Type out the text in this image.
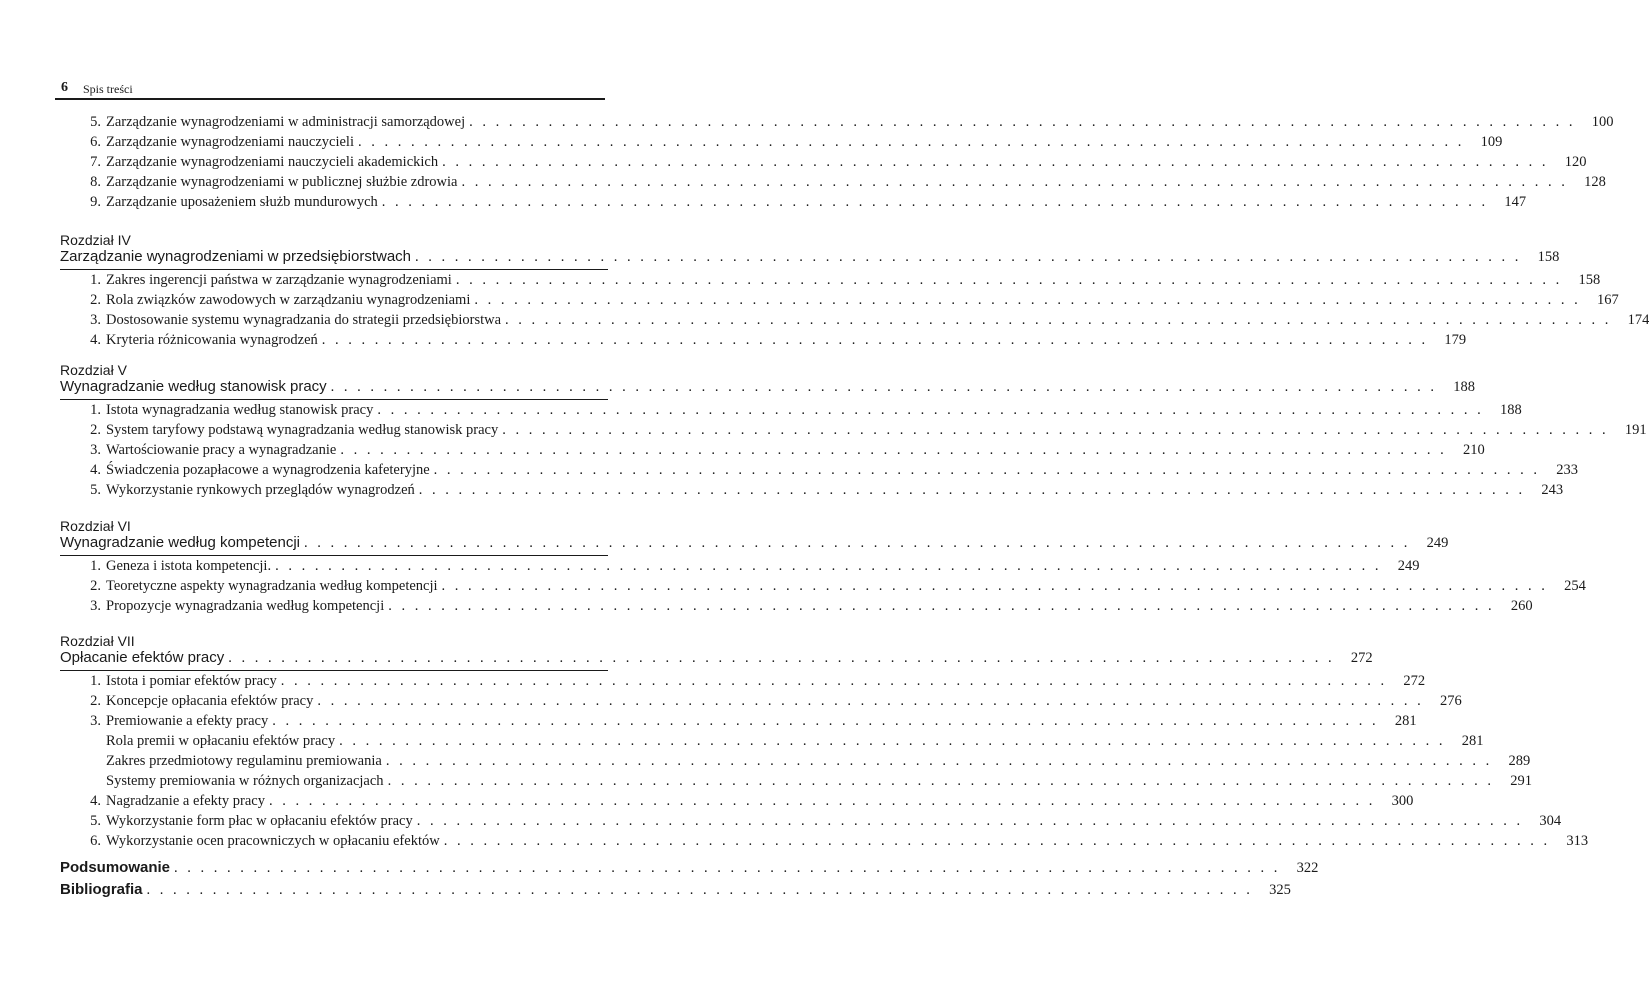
6 Spis treści
5. Zarządzanie wynagrodzeniami w administracji samorządowej . . . . . . . . . . . . . . . . . . . . . . . . . . . . . . . . . . . . . . . . . . . . . . . . . . . . . . . . . . . . . . . . . . . . . . . . . . . . . . . . . . . .	100
6. Zarządzanie wynagrodzeniami nauczycieli . . . . . . . . . . . . . . . . . . . . . . . . . . . . . . . . . . . . . . . . . . . . . . . . . . . . . . . . . . . . . . . . . . . . . . . . . . . . . . . . . . . .	109
7. Zarządzanie wynagrodzeniami nauczycieli akademickich . . . . . . . . . . . . . . . . . . . . . . . . . . . . . . . . . . . . . . . . . . . . . . . . . . . . . . . . . . . . . . . . . . . . . . . . . . . . . . . . . . . .	120
8. Zarządzanie wynagrodzeniami w publicznej służbie zdrowia . . . . . . . . . . . . . . . . . . . . . . . . . . . . . . . . . . . . . . . . . . . . . . . . . . . . . . . . . . . . . . . . . . . . . . . . . . . . . . . . . . . .	128
9. Zarządzanie uposażeniem służb mundurowych . . . . . . . . . . . . . . . . . . . . . . . . . . . . . . . . . . . . . . . . . . . . . . . . . . . . . . . . . . . . . . . . . . . . . . . . . . . . . . . . . . . .	147
Rozdział IV
Zarządzanie wynagrodzeniami w przedsiębiorstwach . . . . . . . . . . . . . . . . . . . . . . . . . . . . . . . . . . . . . . . . . . . . . . . . . . . . . . . . . . . . . . . . . . . . . . . . . . . . . . . . . . . .	158
1. Zakres ingerencji państwa w zarządzanie wynagrodzeniami . . . . . . . . . . . . . . . . . . . . . . . . . . . . . . . . . . . . . . . . . . . . . . . . . . . . . . . . . . . . . . . . . . . . . . . . . . . . . . . . . . . .	158
2. Rola związków zawodowych w zarządzaniu wynagrodzeniami . . . . . . . . . . . . . . . . . . . . . . . . . . . . . . . . . . . . . . . . . . . . . . . . . . . . . . . . . . . . . . . . . . . . . . . . . . . . . . . . . . . .	167
3. Dostosowanie systemu wynagradzania do strategii przedsiębiorstwa . . . . . . . . . . . . . . . . . . . . . . . . . . . . . . . . . . . . . . . . . . . . . . . . . . . . . . . . . . . . . . . . . . . . . . . . . . . . . . . . . . . .	174
4. Kryteria różnicowania wynagrodzeń . . . . . . . . . . . . . . . . . . . . . . . . . . . . . . . . . . . . . . . . . . . . . . . . . . . . . . . . . . . . . . . . . . . . . . . . . . . . . . . . . . . .	179
Rozdział V
Wynagradzanie według stanowisk pracy . . . . . . . . . . . . . . . . . . . . . . . . . . . . . . . . . . . . . . . . . . . . . . . . . . . . . . . . . . . . . . . . . . . . . . . . . . . . . . . . . . . .	188
1. Istota wynagradzania według stanowisk pracy . . . . . . . . . . . . . . . . . . . . . . . . . . . . . . . . . . . . . . . . . . . . . . . . . . . . . . . . . . . . . . . . . . . . . . . . . . . . . . . . . . . .	188
2. System taryfowy podstawą wynagradzania według stanowisk pracy . . . . . . . . . . . . . . . . . . . . . . . . . . . . . . . . . . . . . . . . . . . . . . . . . . . . . . . . . . . . . . . . . . . . . . . . . . . . . . . . . . . .	191
3. Wartościowanie pracy a wynagradzanie . . . . . . . . . . . . . . . . . . . . . . . . . . . . . . . . . . . . . . . . . . . . . . . . . . . . . . . . . . . . . . . . . . . . . . . . . . . . . . . . . . . .	210
4. Świadczenia pozapłacowe a wynagrodzenia kafeteryjne . . . . . . . . . . . . . . . . . . . . . . . . . . . . . . . . . . . . . . . . . . . . . . . . . . . . . . . . . . . . . . . . . . . . . . . . . . . . . . . . . . . .	233
5. Wykorzystanie rynkowych przeglądów wynagrodzeń . . . . . . . . . . . . . . . . . . . . . . . . . . . . . . . . . . . . . . . . . . . . . . . . . . . . . . . . . . . . . . . . . . . . . . . . . . . . . . . . . . . .	243
Rozdział VI
Wynagradzanie według kompetencji . . . . . . . . . . . . . . . . . . . . . . . . . . . . . . . . . . . . . . . . . . . . . . . . . . . . . . . . . . . . . . . . . . . . . . . . . . . . . . . . . . . .	249
1. Geneza i istota kompetencji. . . . . . . . . . . . . . . . . . . . . . . . . . . . . . . . . . . . . . . . . . . . . . . . . . . . . . . . . . . . . . . . . . . . . . . . . . . . . . . . . . . . .	249
2. Teoretyczne aspekty wynagradzania według kompetencji . . . . . . . . . . . . . . . . . . . . . . . . . . . . . . . . . . . . . . . . . . . . . . . . . . . . . . . . . . . . . . . . . . . . . . . . . . . . . . . . . . . .	254
3. Propozycje wynagradzania według kompetencji . . . . . . . . . . . . . . . . . . . . . . . . . . . . . . . . . . . . . . . . . . . . . . . . . . . . . . . . . . . . . . . . . . . . . . . . . . . . . . . . . . . .	260
Rozdział VII
Opłacanie efektów pracy . . . . . . . . . . . . . . . . . . . . . . . . . . . . . . . . . . . . . . . . . . . . . . . . . . . . . . . . . . . . . . . . . . . . . . . . . . . . . . . . . . . .	272
1. Istota i pomiar efektów pracy . . . . . . . . . . . . . . . . . . . . . . . . . . . . . . . . . . . . . . . . . . . . . . . . . . . . . . . . . . . . . . . . . . . . . . . . . . . . . . . . . . . .	272
2. Koncepcje opłacania efektów pracy . . . . . . . . . . . . . . . . . . . . . . . . . . . . . . . . . . . . . . . . . . . . . . . . . . . . . . . . . . . . . . . . . . . . . . . . . . . . . . . . . . . .	276
3. Premiowanie a efekty pracy . . . . . . . . . . . . . . . . . . . . . . . . . . . . . . . . . . . . . . . . . . . . . . . . . . . . . . . . . . . . . . . . . . . . . . . . . . . . . . . . . . . .	281
Rola premii w opłacaniu efektów pracy . . . . . . . . . . . . . . . . . . . . . . . . . . . . . . . . . . . . . . . . . . . . . . . . . . . . . . . . . . . . . . . . . . . . . . . . . . . . . . . . . . . .	281
Zakres przedmiotowy regulaminu premiowania . . . . . . . . . . . . . . . . . . . . . . . . . . . . . . . . . . . . . . . . . . . . . . . . . . . . . . . . . . . . . . . . . . . . . . . . . . . . . . . . . . . .	289
Systemy premiowania w różnych organizacjach . . . . . . . . . . . . . . . . . . . . . . . . . . . . . . . . . . . . . . . . . . . . . . . . . . . . . . . . . . . . . . . . . . . . . . . . . . . . . . . . . . . .	291
4. Nagradzanie a efekty pracy . . . . . . . . . . . . . . . . . . . . . . . . . . . . . . . . . . . . . . . . . . . . . . . . . . . . . . . . . . . . . . . . . . . . . . . . . . . . . . . . . . . .	300
5. Wykorzystanie form płac w opłacaniu efektów pracy . . . . . . . . . . . . . . . . . . . . . . . . . . . . . . . . . . . . . . . . . . . . . . . . . . . . . . . . . . . . . . . . . . . . . . . . . . . . . . . . . . . .	304
6. Wykorzystanie ocen pracowniczych w opłacaniu efektów . . . . . . . . . . . . . . . . . . . . . . . . . . . . . . . . . . . . . . . . . . . . . . . . . . . . . . . . . . . . . . . . . . . . . . . . . . . . . . . . . . . .	313
Podsumowanie . . . . . . . . . . . . . . . . . . . . . . . . . . . . . . . . . . . . . . . . . . . . . . . . . . . . . . . . . . . . . . . . . . . . . . . . . . . . . . . . . . . .	322
Bibliografia . . . . . . . . . . . . . . . . . . . . . . . . . . . . . . . . . . . . . . . . . . . . . . . . . . . . . . . . . . . . . . . . . . . . . . . . . . . . . . . . . . . .	325
